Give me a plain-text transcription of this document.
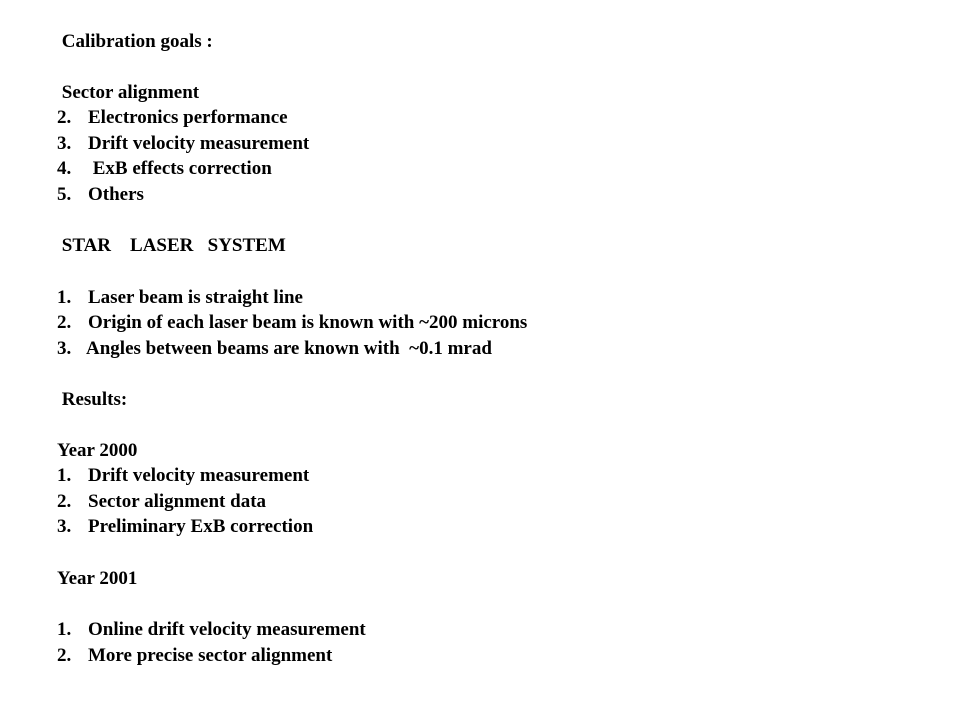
Calibration goals :
Sector alignment
2. Electronics performance
3. Drift velocity measurement
4. ExB effects correction
5. Others
STAR    LASER   SYSTEM
1. Laser beam is straight line
2. Origin of each laser beam is known with ~200 microns
3. Angles between beams are known with  ~0.1 mrad
Results:
Year 2000
1. Drift velocity measurement
2. Sector alignment data
3. Preliminary ExB correction
Year 2001
1. Online drift velocity measurement
2. More precise sector alignment
